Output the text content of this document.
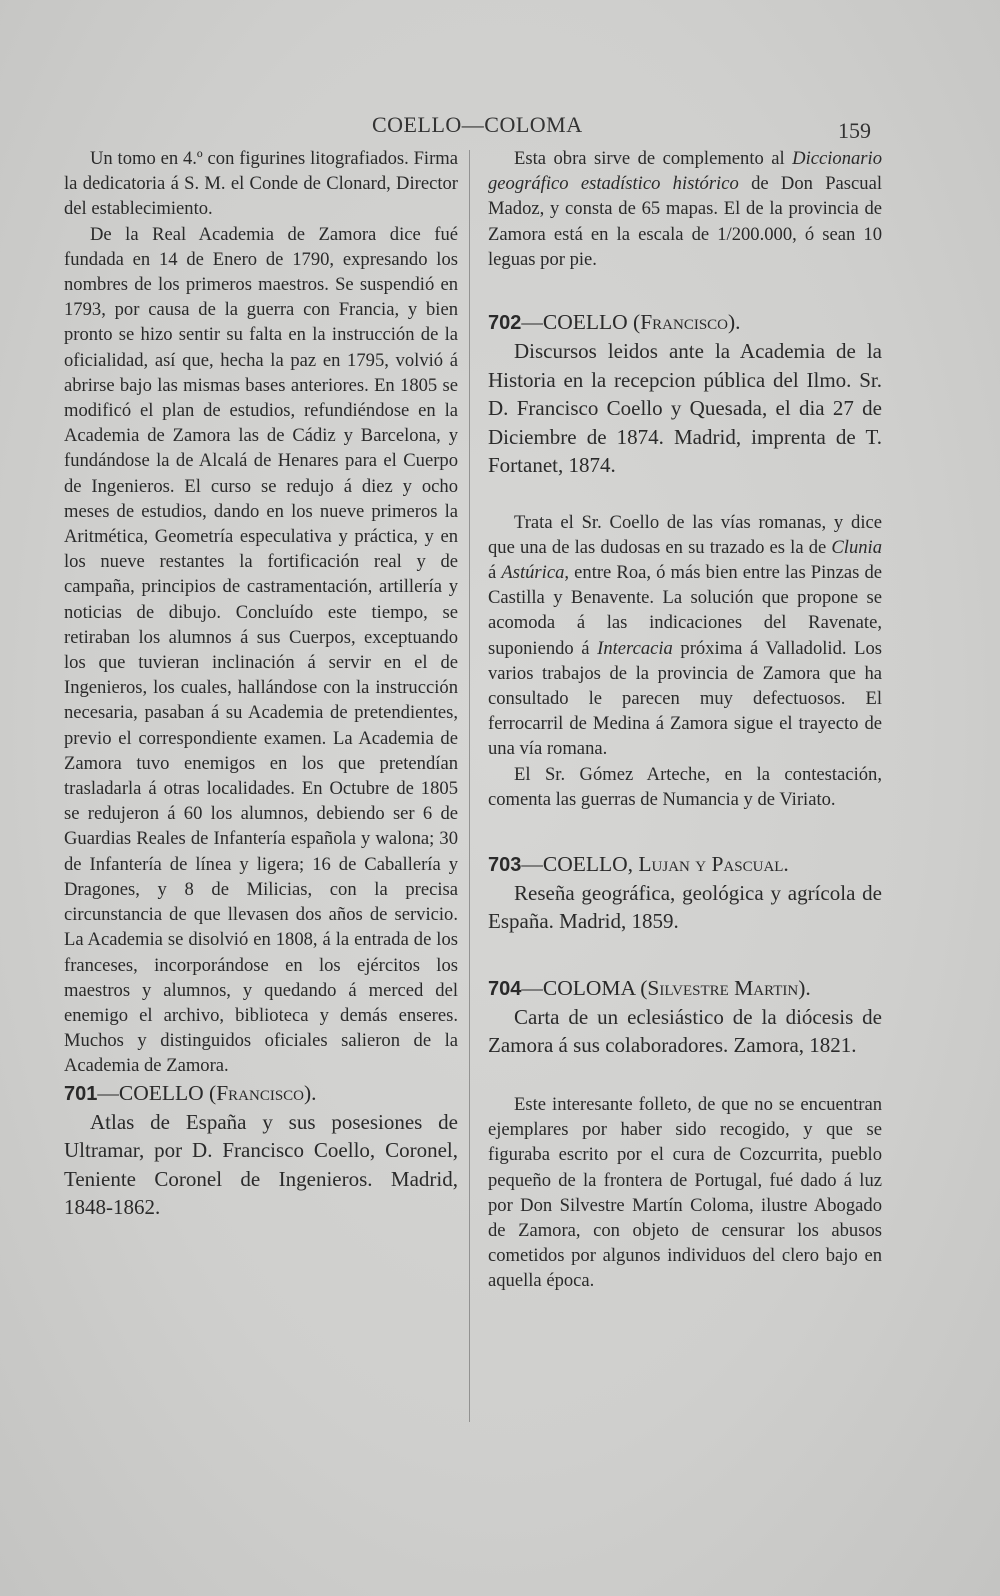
COELLO—COLOMA	159

Un tomo en 4.º con figurines litografiados. Firma la dedicatoria á S. M. el Conde de Clonard, Director del establecimiento.

De la Real Academia de Zamora dice fué fundada en 14 de Enero de 1790, expresando los nombres de los primeros maestros. Se suspendió en 1793, por causa de la guerra con Francia, y bien pronto se hizo sentir su falta en la instrucción de la oficialidad, así que, hecha la paz en 1795, volvió á abrirse bajo las mismas bases anteriores. En 1805 se modificó el plan de estudios, refundiéndose en la Academia de Zamora las de Cádiz y Barcelona, y fundándose la de Alcalá de Henares para el Cuerpo de Ingenieros. El curso se redujo á diez y ocho meses de estudios, dando en los nueve primeros la Aritmética, Geometría especulativa y práctica, y en los nueve restantes la fortificación real y de campaña, principios de castramentación, artillería y noticias de dibujo. Concluído este tiempo, se retiraban los alumnos á sus Cuerpos, exceptuando los que tuvieran inclinación á servir en el de Ingenieros, los cuales, hallándose con la instrucción necesaria, pasaban á su Academia de pretendientes, previo el correspondiente examen. La Academia de Zamora tuvo enemigos en los que pretendían trasladarla á otras localidades. En Octubre de 1805 se redujeron á 60 los alumnos, debiendo ser 6 de Guardias Reales de Infantería española y walona; 30 de Infantería de línea y ligera; 16 de Caballería y Dragones, y 8 de Milicias, con la precisa circunstancia de que llevasen dos años de servicio. La Academia se disolvió en 1808, á la entrada de los franceses, incorporándose en los ejércitos los maestros y alumnos, y quedando á merced del enemigo el archivo, biblioteca y demás enseres. Muchos y distinguidos oficiales salieron de la Academia de Zamora.

701—COELLO (Francisco).

Atlas de España y sus posesiones de Ultramar, por D. Francisco Coello, Coronel, Teniente Coronel de Ingenieros. Madrid, 1848-1862.

Esta obra sirve de complemento al Diccionario geográfico estadístico histórico de Don Pascual Madoz, y consta de 65 mapas. El de la provincia de Zamora está en la escala de 1/200.000, ó sean 10 leguas por pie.

702—COELLO (Francisco).

Discursos leidos ante la Academia de la Historia en la recepcion pública del Ilmo. Sr. D. Francisco Coello y Quesada, el dia 27 de Diciembre de 1874. Madrid, imprenta de T. Fortanet, 1874.

Trata el Sr. Coello de las vías romanas, y dice que una de las dudosas en su trazado es la de Clunia á Astúrica, entre Roa, ó más bien entre las Pinzas de Castilla y Benavente. La solución que propone se acomoda á las indicaciones del Ravenate, suponiendo á Intercacia próxima á Valladolid. Los varios trabajos de la provincia de Zamora que ha consultado le parecen muy defectuosos. El ferrocarril de Medina á Zamora sigue el trayecto de una vía romana.

El Sr. Gómez Arteche, en la contestación, comenta las guerras de Numancia y de Viriato.

703—COELLO, Lujan y Pascual.

Reseña geográfica, geológica y agrícola de España. Madrid, 1859.

704—COLOMA (Silvestre Martin).

Carta de un eclesiástico de la diócesis de Zamora á sus colaboradores. Zamora, 1821.

Este interesante folleto, de que no se encuentran ejemplares por haber sido recogido, y que se figuraba escrito por el cura de Cozcurrita, pueblo pequeño de la frontera de Portugal, fué dado á luz por Don Silvestre Martín Coloma, ilustre Abogado de Zamora, con objeto de censurar los abusos cometidos por algunos individuos del clero bajo en aquella época.
